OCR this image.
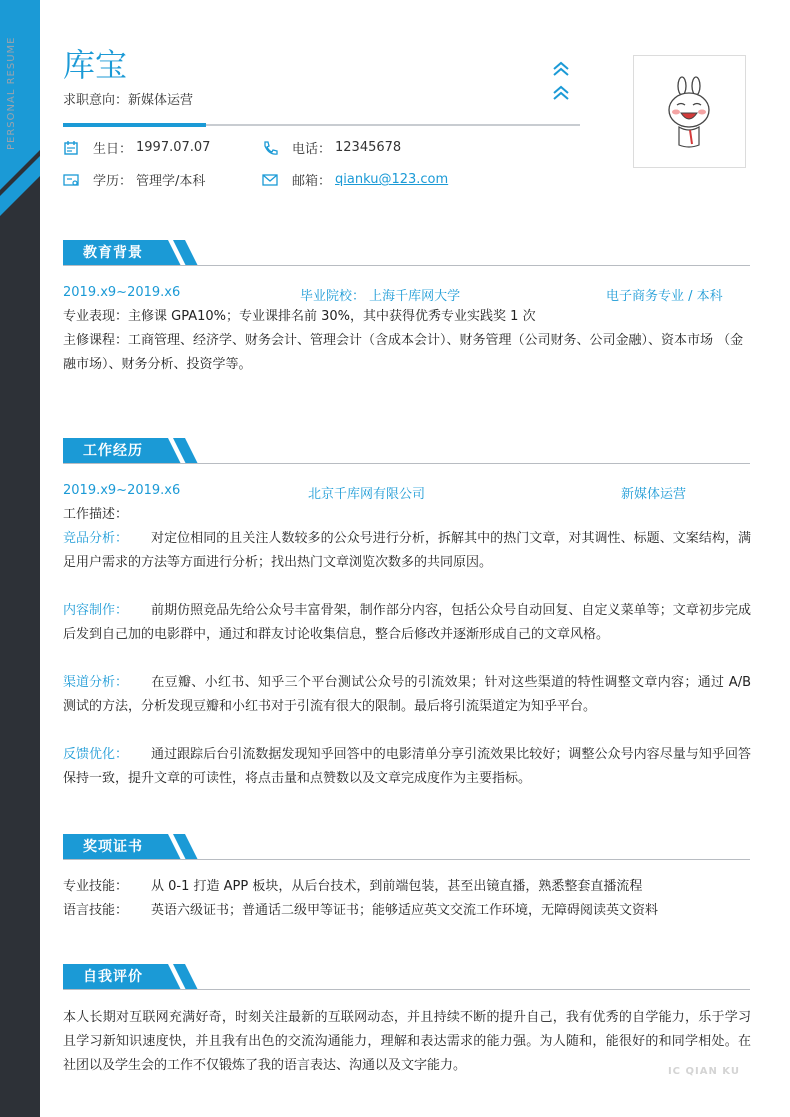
PERSONAL RESUME	库宝
求职意向：新媒体运营
生日： 1997.07.07	电话： 12345678
学历： 管理学/本科	邮箱： qianku@123.com
教育背景
2019.x9~2019.x6	毕业院校： 上海千库网大学	电子商务专业 / 本科
专业表现：主修课 GPA10%；专业课排名前 30%，其中获得优秀专业实践奖 1 次
主修课程：工商管理、经济学、财务会计、管理会计（含成本会计）、财务管理（公司财务、公司金融）、资本市场 （金融市场）、财务分析、投资学等。
工作经历
2019.x9~2019.x6	北京千库网有限公司	新媒体运营
工作描述：
竞品分析： 对定位相同的且关注人数较多的公众号进行分析，拆解其中的热门文章，对其调性、标题、文案结构，满足用户需求的方法等方面进行分析；找出热门文章浏览次数多的共同原因。
内容制作： 前期仿照竞品先给公众号丰富骨架，制作部分内容，包括公众号自动回复、自定义菜单等；文章初步完成后发到自己加的电影群中，通过和群友讨论收集信息，整合后修改并逐渐形成自己的文章风格。
渠道分析： 在豆瓣、小红书、知乎三个平台测试公众号的引流效果；针对这些渠道的特性调整文章内容；通过 A/B 测试的方法，分析发现豆瓣和小红书对于引流有很大的限制。最后将引流渠道定为知乎平台。
反馈优化： 通过跟踪后台引流数据发现知乎回答中的电影清单分享引流效果比较好；调整公众号内容尽量与知乎回答保持一致，提升文章的可读性，将点击量和点赞数以及文章完成度作为主要指标。
奖项证书
专业技能： 从 0-1 打造 APP 板块，从后台技术，到前端包装，甚至出镜直播，熟悉整套直播流程
语言技能： 英语六级证书；普通话二级甲等证书；能够适应英文交流工作环境，无障碍阅读英文资料
自我评价
本人长期对互联网充满好奇，时刻关注最新的互联网动态，并且持续不断的提升自己，我有优秀的自学能力，乐于学习且学习新知识速度快，并且我有出色的交流沟通能力，理解和表达需求的能力强。为人随和，能很好的和同学相处。在社团以及学生会的工作不仅锻炼了我的语言表达、沟通以及文字能力。	IC QIAN KU
